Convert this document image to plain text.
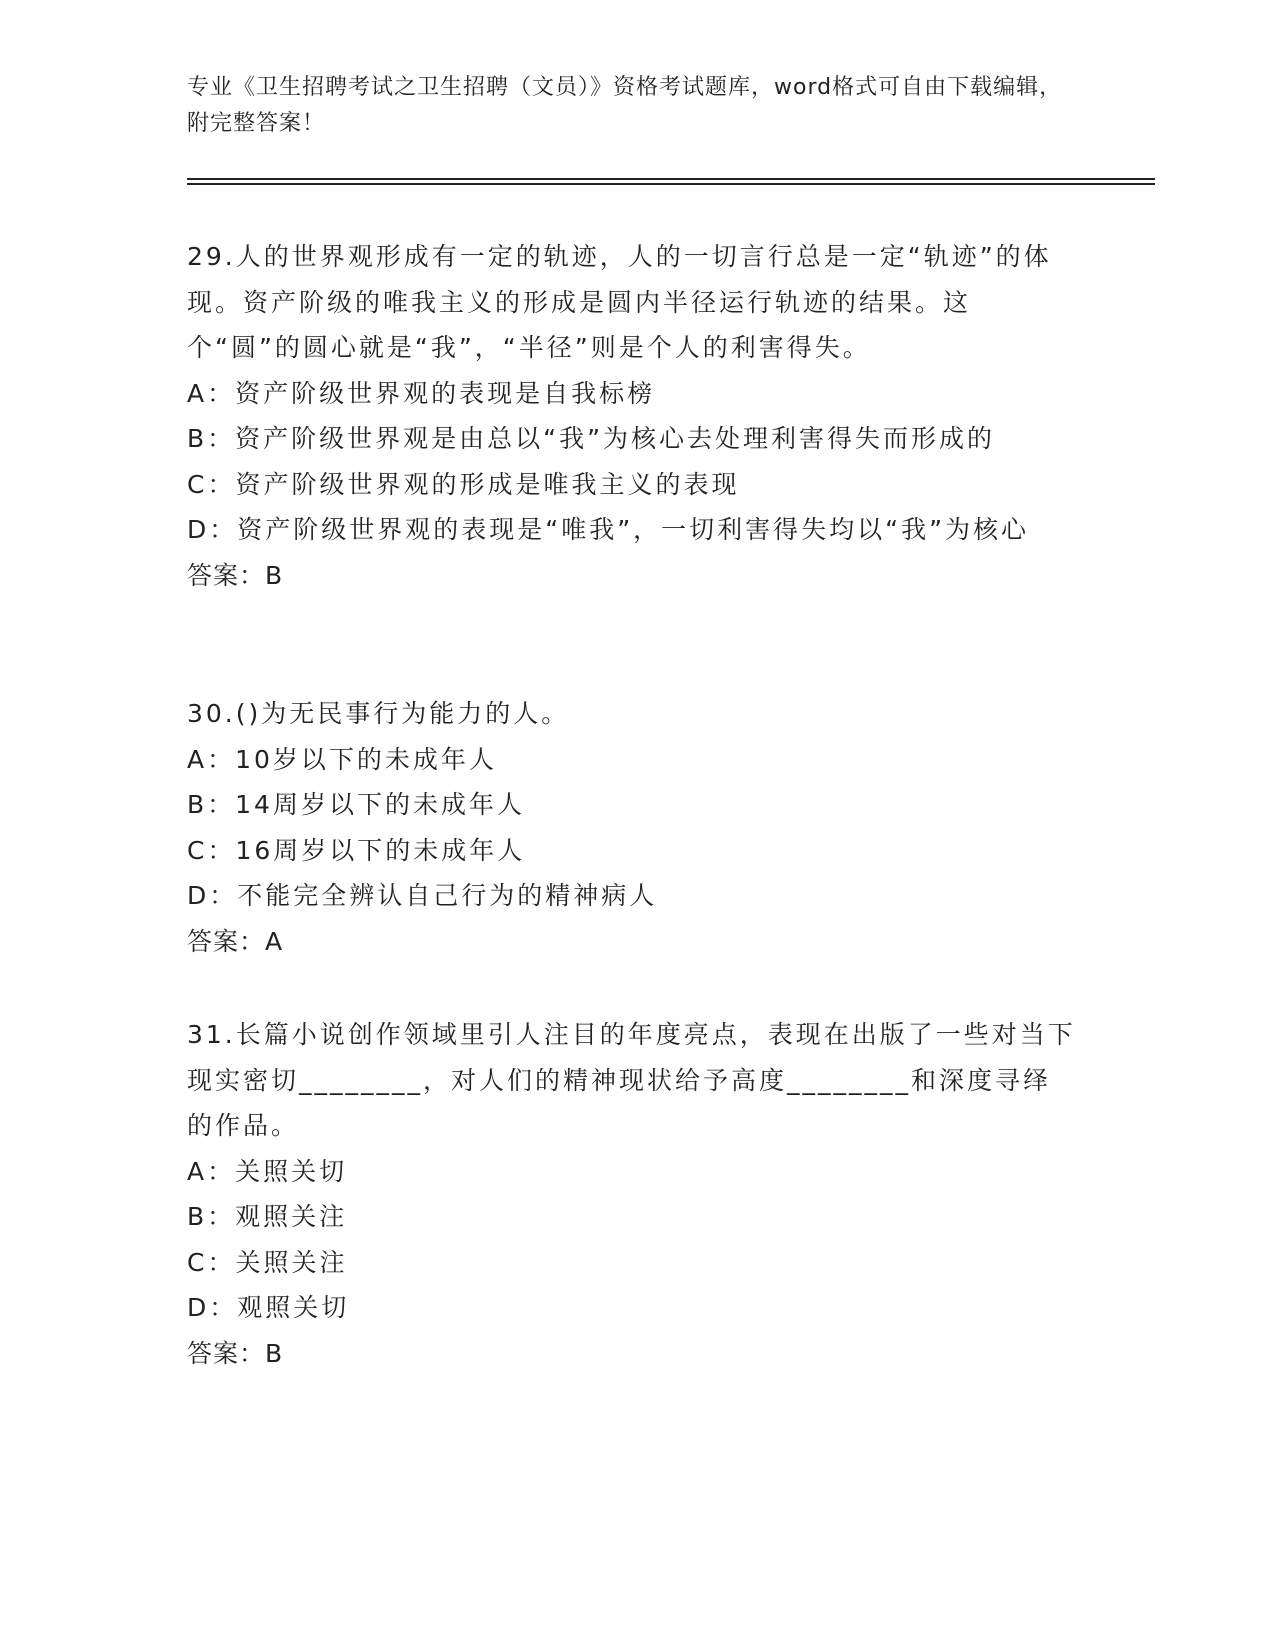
专业《卫生招聘考试之卫生招聘（文员）》资格考试题库，word格式可自由下载编辑，附完整答案！
29.人的世界观形成有一定的轨迹，人的一切言行总是一定“轨迹”的体现。资产阶级的唯我主义的形成是圆内半径运行轨迹的结果。这个“圆”的圆心就是“我”，“半径”则是个人的利害得失。
A：资产阶级世界观的表现是自我标榜
B：资产阶级世界观是由总以“我”为核心去处理利害得失而形成的
C：资产阶级世界观的形成是唯我主义的表现
D：资产阶级世界观的表现是“唯我”，一切利害得失均以“我”为核心
答案：B
30.()为无民事行为能力的人。
A：10岁以下的未成年人
B：14周岁以下的未成年人
C：16周岁以下的未成年人
D：不能完全辨认自己行为的精神病人
答案：A
31.长篇小说创作领域里引人注目的年度亮点，表现在出版了一些对当下现实密切________，对人们的精神现状给予高度________和深度寻绎的作品。
A：关照关切
B：观照关注
C：关照关注
D：观照关切
答案：B
